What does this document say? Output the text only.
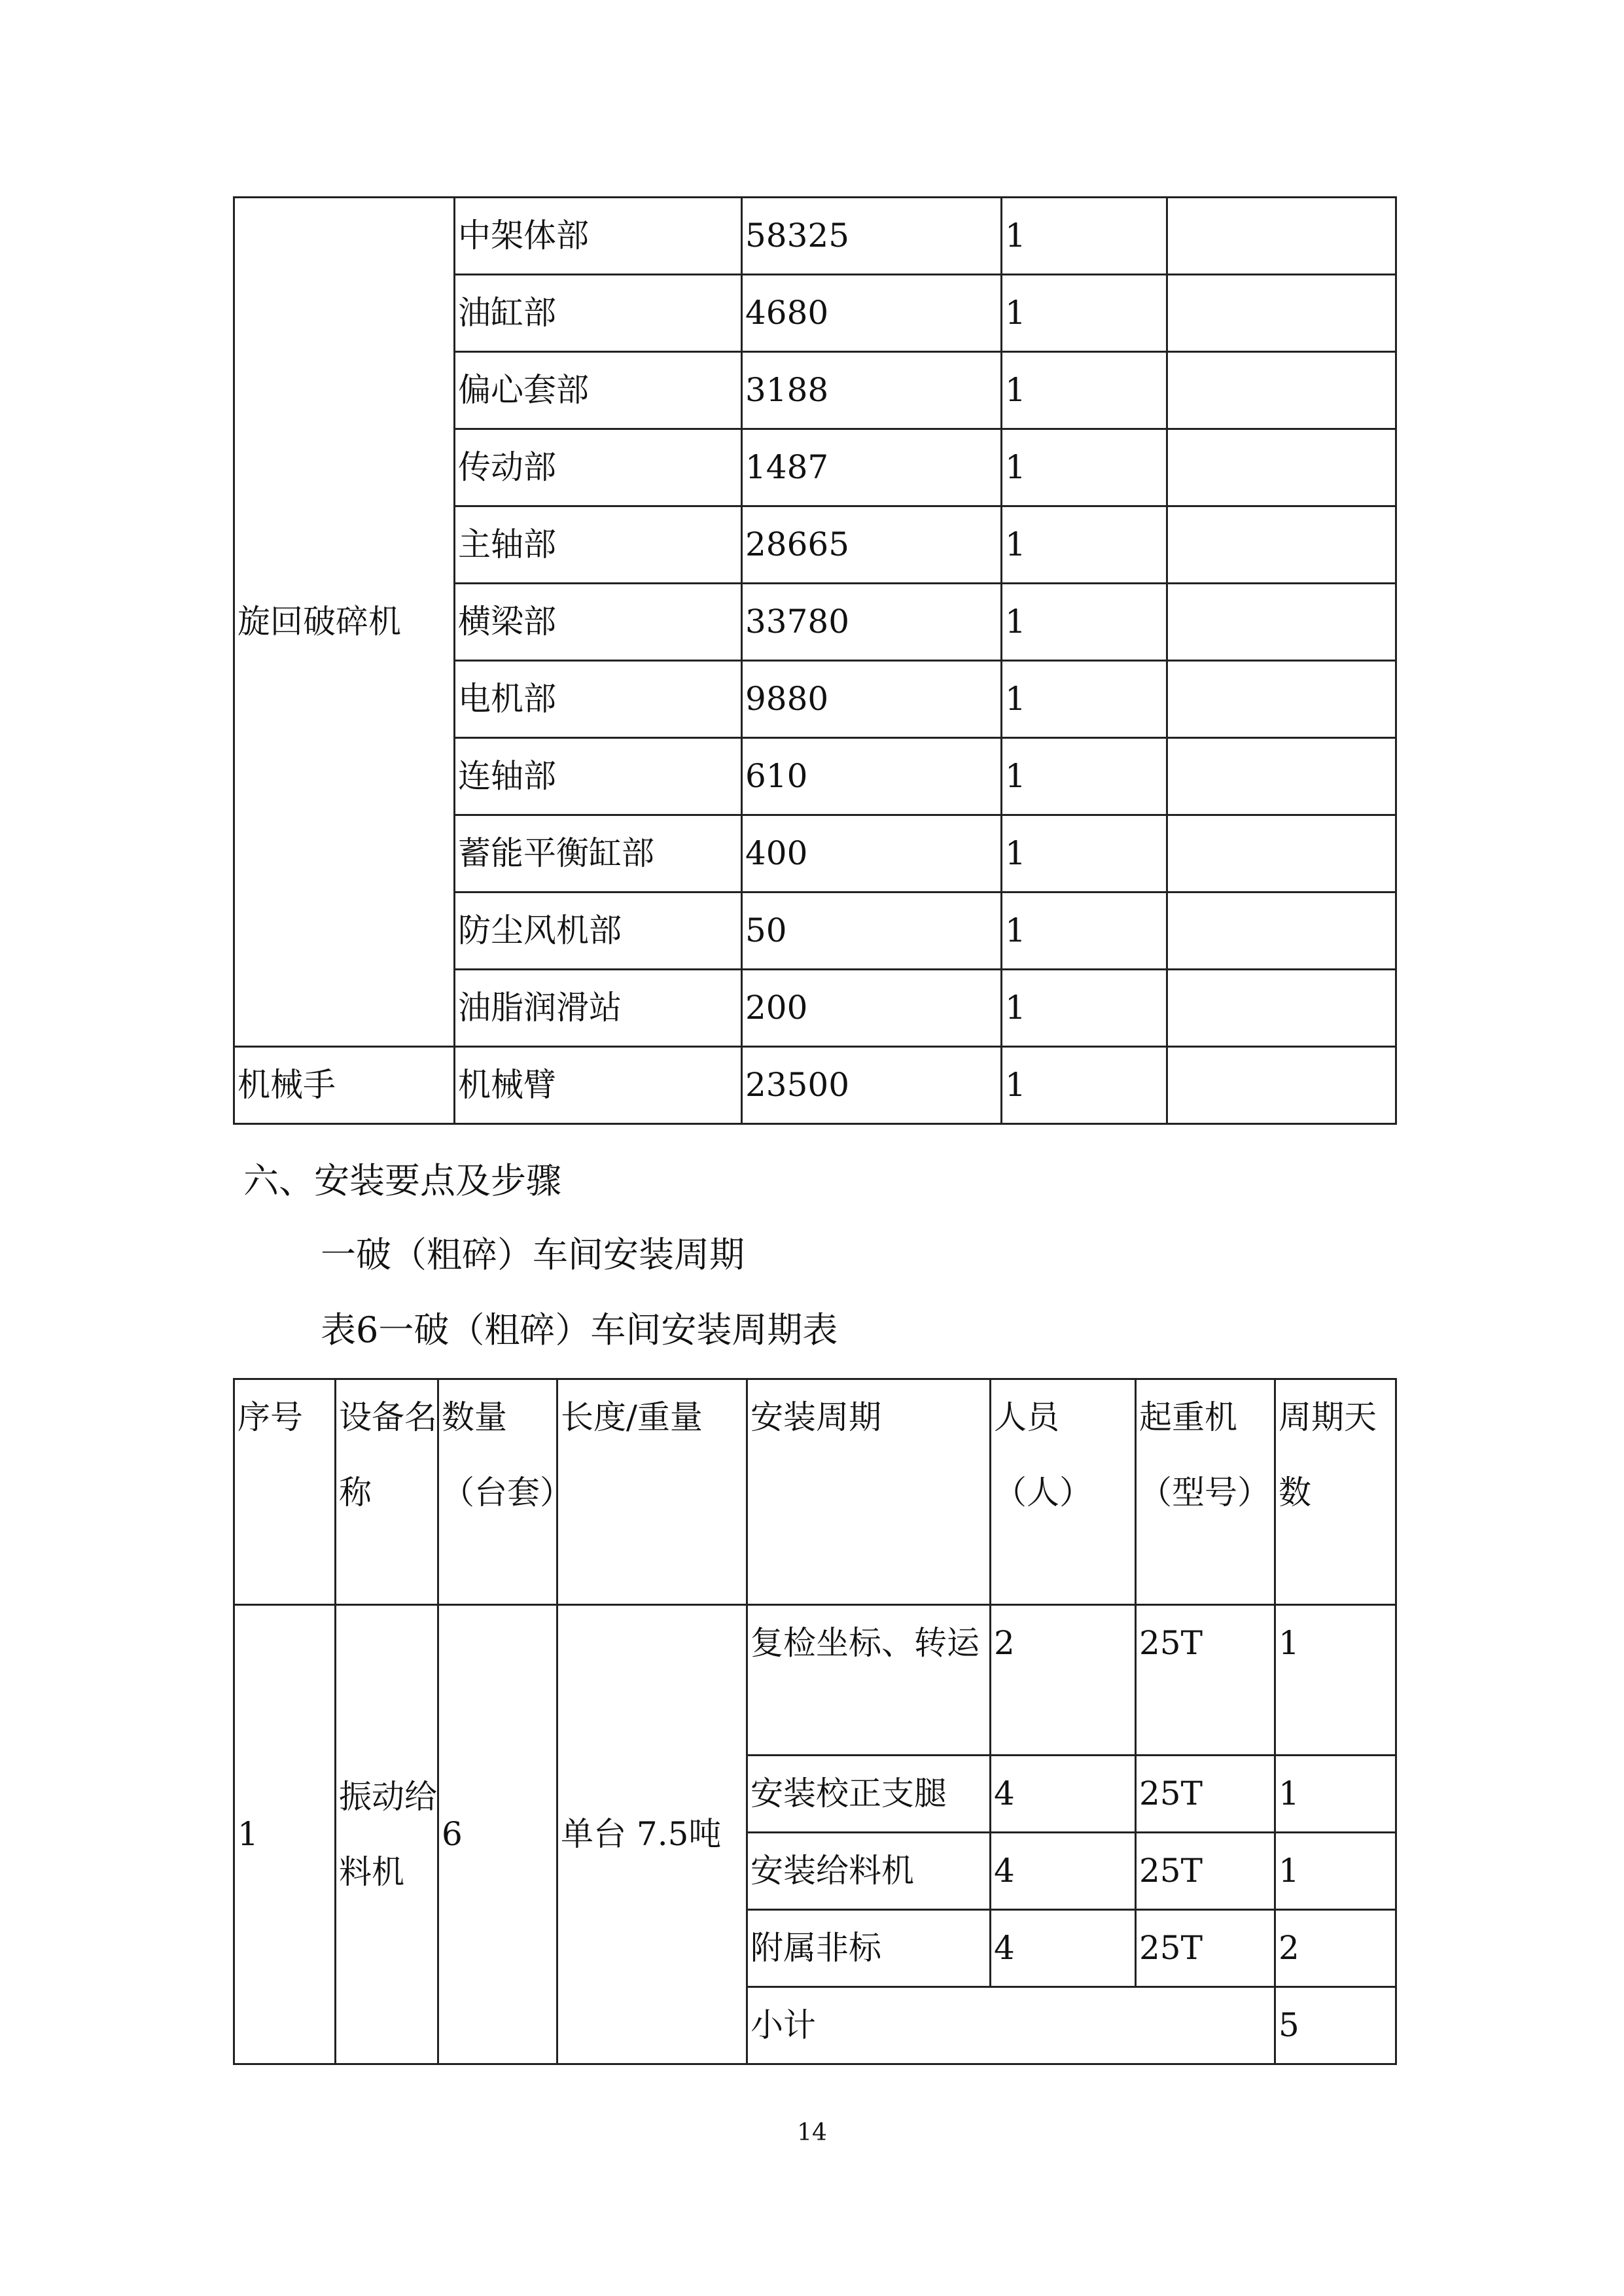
旋回破碎机	中架体部	58325	1	
	油缸部	4680	1	
	偏心套部	3188	1	
	传动部	1487	1	
	主轴部	28665	1	
	横梁部	33780	1	
	电机部	9880	1	
	连轴部	610	1	
	蓄能平衡缸部	400	1	
	防尘风机部	50	1	
	油脂润滑站	200	1	
机械手	机械臂	23500	1	
六、安装要点及步骤
一破（粗碎）车间安装周期
表6一破（粗碎）车间安装周期表
序号	设备名称	数量（台套）	长度/重量	安装周期	人员（人）	起重机（型号）	周期天数
1	振动给料机	6	单台 7.5吨	复检坐标、转运	2	25T	1
				安装校正支腿	4	25T	1
				安装给料机	4	25T	1
				附属非标	4	25T	2
				小计			5
14
